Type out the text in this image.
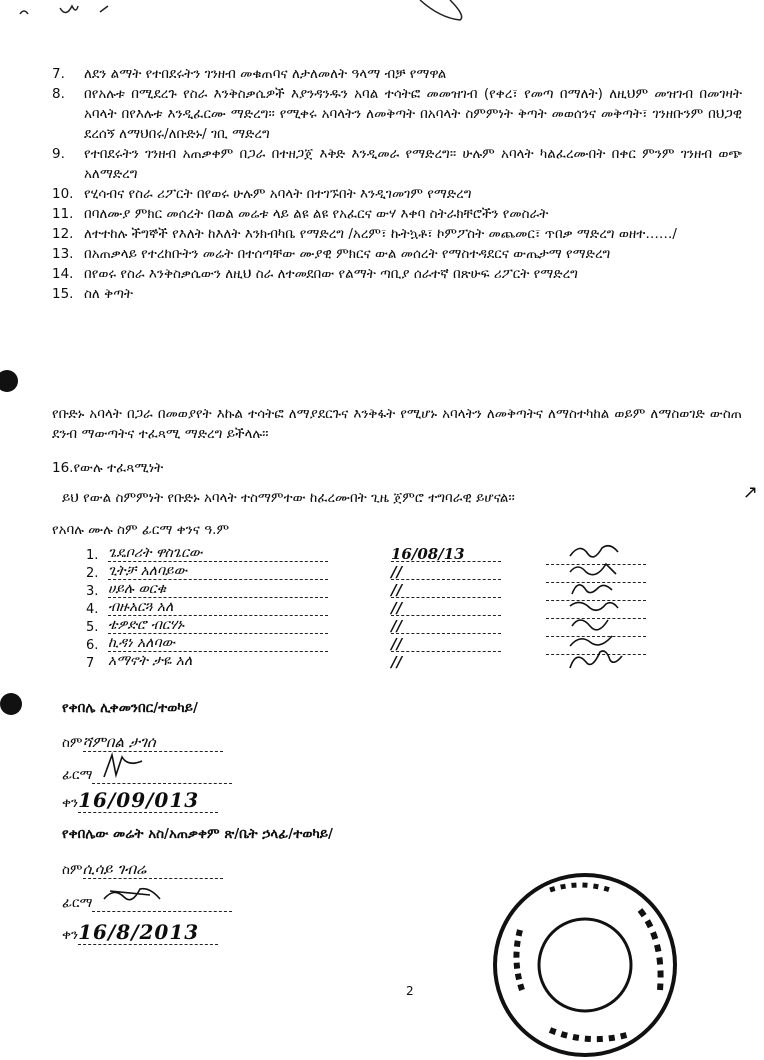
↗
7.	ለደን ልማት የተበደሩትን ገንዘብ መቁጠባና ለታለመለት ዓላማ ብቻ የማዋል
8.	በየአሉቱ በሚደረጉ የስራ እንቅስቃሴዎች እያንዳንዱን አባል ተሳትፎ መመዝገብ (የቀረ፣ የመጣ በማለት) ለዚህም መዝገብ በመገዛት አባላት በየእሉቱ እንዲፈርሙ ማድረግ፡፡ የሚቀሩ አባላትን ለመቅጣት በአባላት ስምምነት ቅጣት መወሰንና መቅጣት፣ ገንዘቡንም በህጋዊ ደረሰኝ ለማህበሩ/ለቡድኑ/ ገቢ ማድረግ
9.	የተበደሩትን ገንዘብ አጠቃቀም በጋራ በተዘጋጀ እቅድ እንዲመራ የማድረግ፡፡ ሁሉም አባላት ካልፈረሙበት በቀር ምንም ገንዘብ ወጭ አለማድረግ
10. የሂሳብና የስራ ሪፖርት በየወሩ ሁሉም አባላት በተገኙበት እንዲገመገም የማድረግ
11. በባለሙያ ምክር መሰረት በወል መሬቱ ላይ ልዩ ልዩ የአፈርና ውሃ እቀባ ስትራክቸሮችን የመስራት
12. ለተተከሉ ችግኞች የእለት ከእለት እንክብካቤ የማድረግ /አረም፣ ኩትኳቶ፣ ኮምፖስት መጨመር፣ ጥበቃ ማድረግ ወዘተ……/
13. በአጠቃላይ የተረከቡትን መሬት በተሰጣቸው ሙያዊ ምክርና ውል መሰረት የማስተዳደርና ውጤታማ የማድረግ
14. በየወሩ የስራ እንቅስቃሴውን ለዚህ ስራ ለተመደበው የልማት ጣቢያ ሰራተኛ በጽሁፍ ሪፖርት የማድረግ
15. ስለ ቅጣት
የቡድኑ አባላት በጋራ በመወያየት እኩል ተሳትፎ ለማያደርጉና እንቅፋት የሚሆኑ አባላትን ለመቅጣትና ለማስተካከል ወይም ለማስወገድ ውስጠ ደንብ ማውጣትና ተፈጻሚ ማድረግ ይችላሉ፡፡
16.የውሉ ተፈጻሚነት
ይህ የውል ስምምነት የቡድኑ አባላት ተስማምተው ከፈረሙበት ጊዜ ጀምሮ ተግባራዊ ይሆናል፡፡
የአባሉ ሙሉ ስም ፊርማ ቀንና ዓ.ም
1. ጌዴቦሪት ዋስጌርው	16/08/13
2. ጊትቻ አለባይው	//
3. ሀይሉ ወርቁ	//
4. ብዙአርጓ አለ	//
5. ቴዎድሮ ብርሃኑ	//
6. ኪዳነ አለባው	//
7 አማኖት ታዬ አለ	//
የቀበሌ ሊቀመንበር/ተወካይ/
ስምሻምበል ታገሰ
ፊርማ
ቀን16/09/013
የቀበሌው መሬት አስ/አጠቃቀም ጽ/ቤት ኃላፊ/ተወካይ/
ስምሲሳይ ገብሬ
ፊርማ
ቀን16/8/2013
2
